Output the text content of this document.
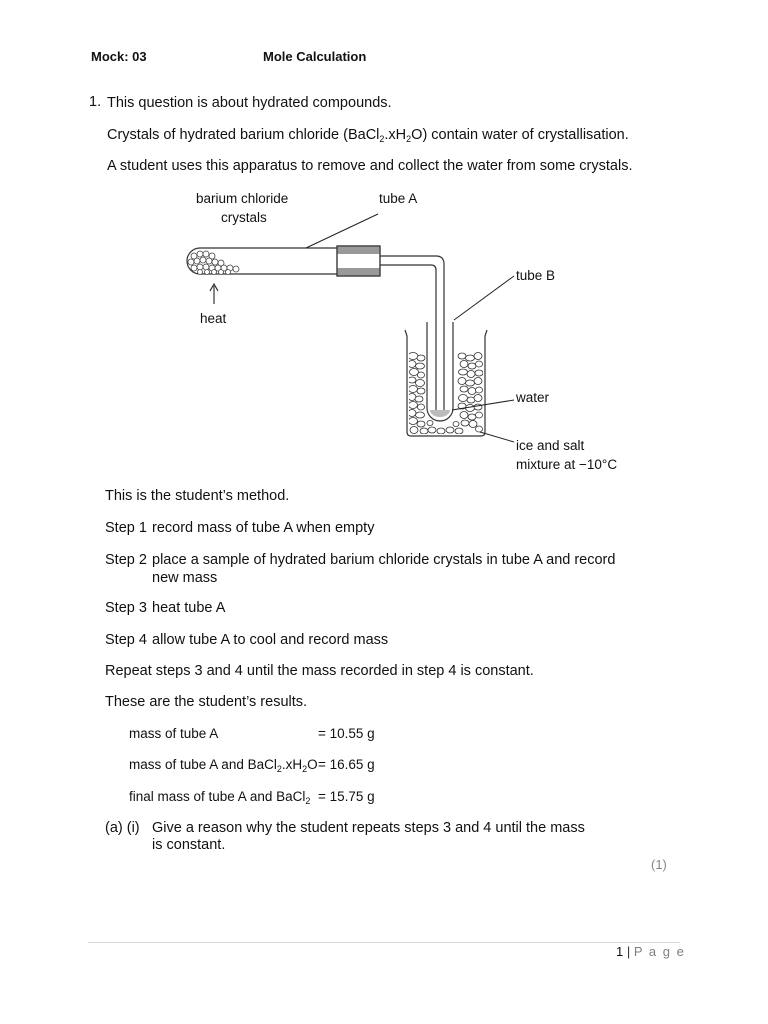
Mock: 03	Mole Calculation
1. This question is about hydrated compounds.
Crystals of hydrated barium chloride $(BaCl_2.xH_2O)$ contain water of crystallisation.
A student uses this apparatus to remove and collect the water from some crystals.
barium chloride
crystals
tube A
tube B
heat
water
ice and salt
mixture at −10°C
This is the student’s method.
Step 1 record mass of tube A when empty
Step 2 place a sample of hydrated barium chloride crystals in tube A and record
new mass
Step 3 heat tube A
Step 4 allow tube A to cool and record mass
Repeat steps 3 and 4 until the mass recorded in step 4 is constant.
These are the student’s results.
mass of tube A	= 10.55 g
mass of tube A and $BaCl_2.xH_2O = 16.65$ g
final mass of tube A and BaCl$_2$ = 15.75 g
(a) (i) Give a reason why the student repeats steps 3 and 4 until the mass
is constant.
(1)
1 | P a g e
